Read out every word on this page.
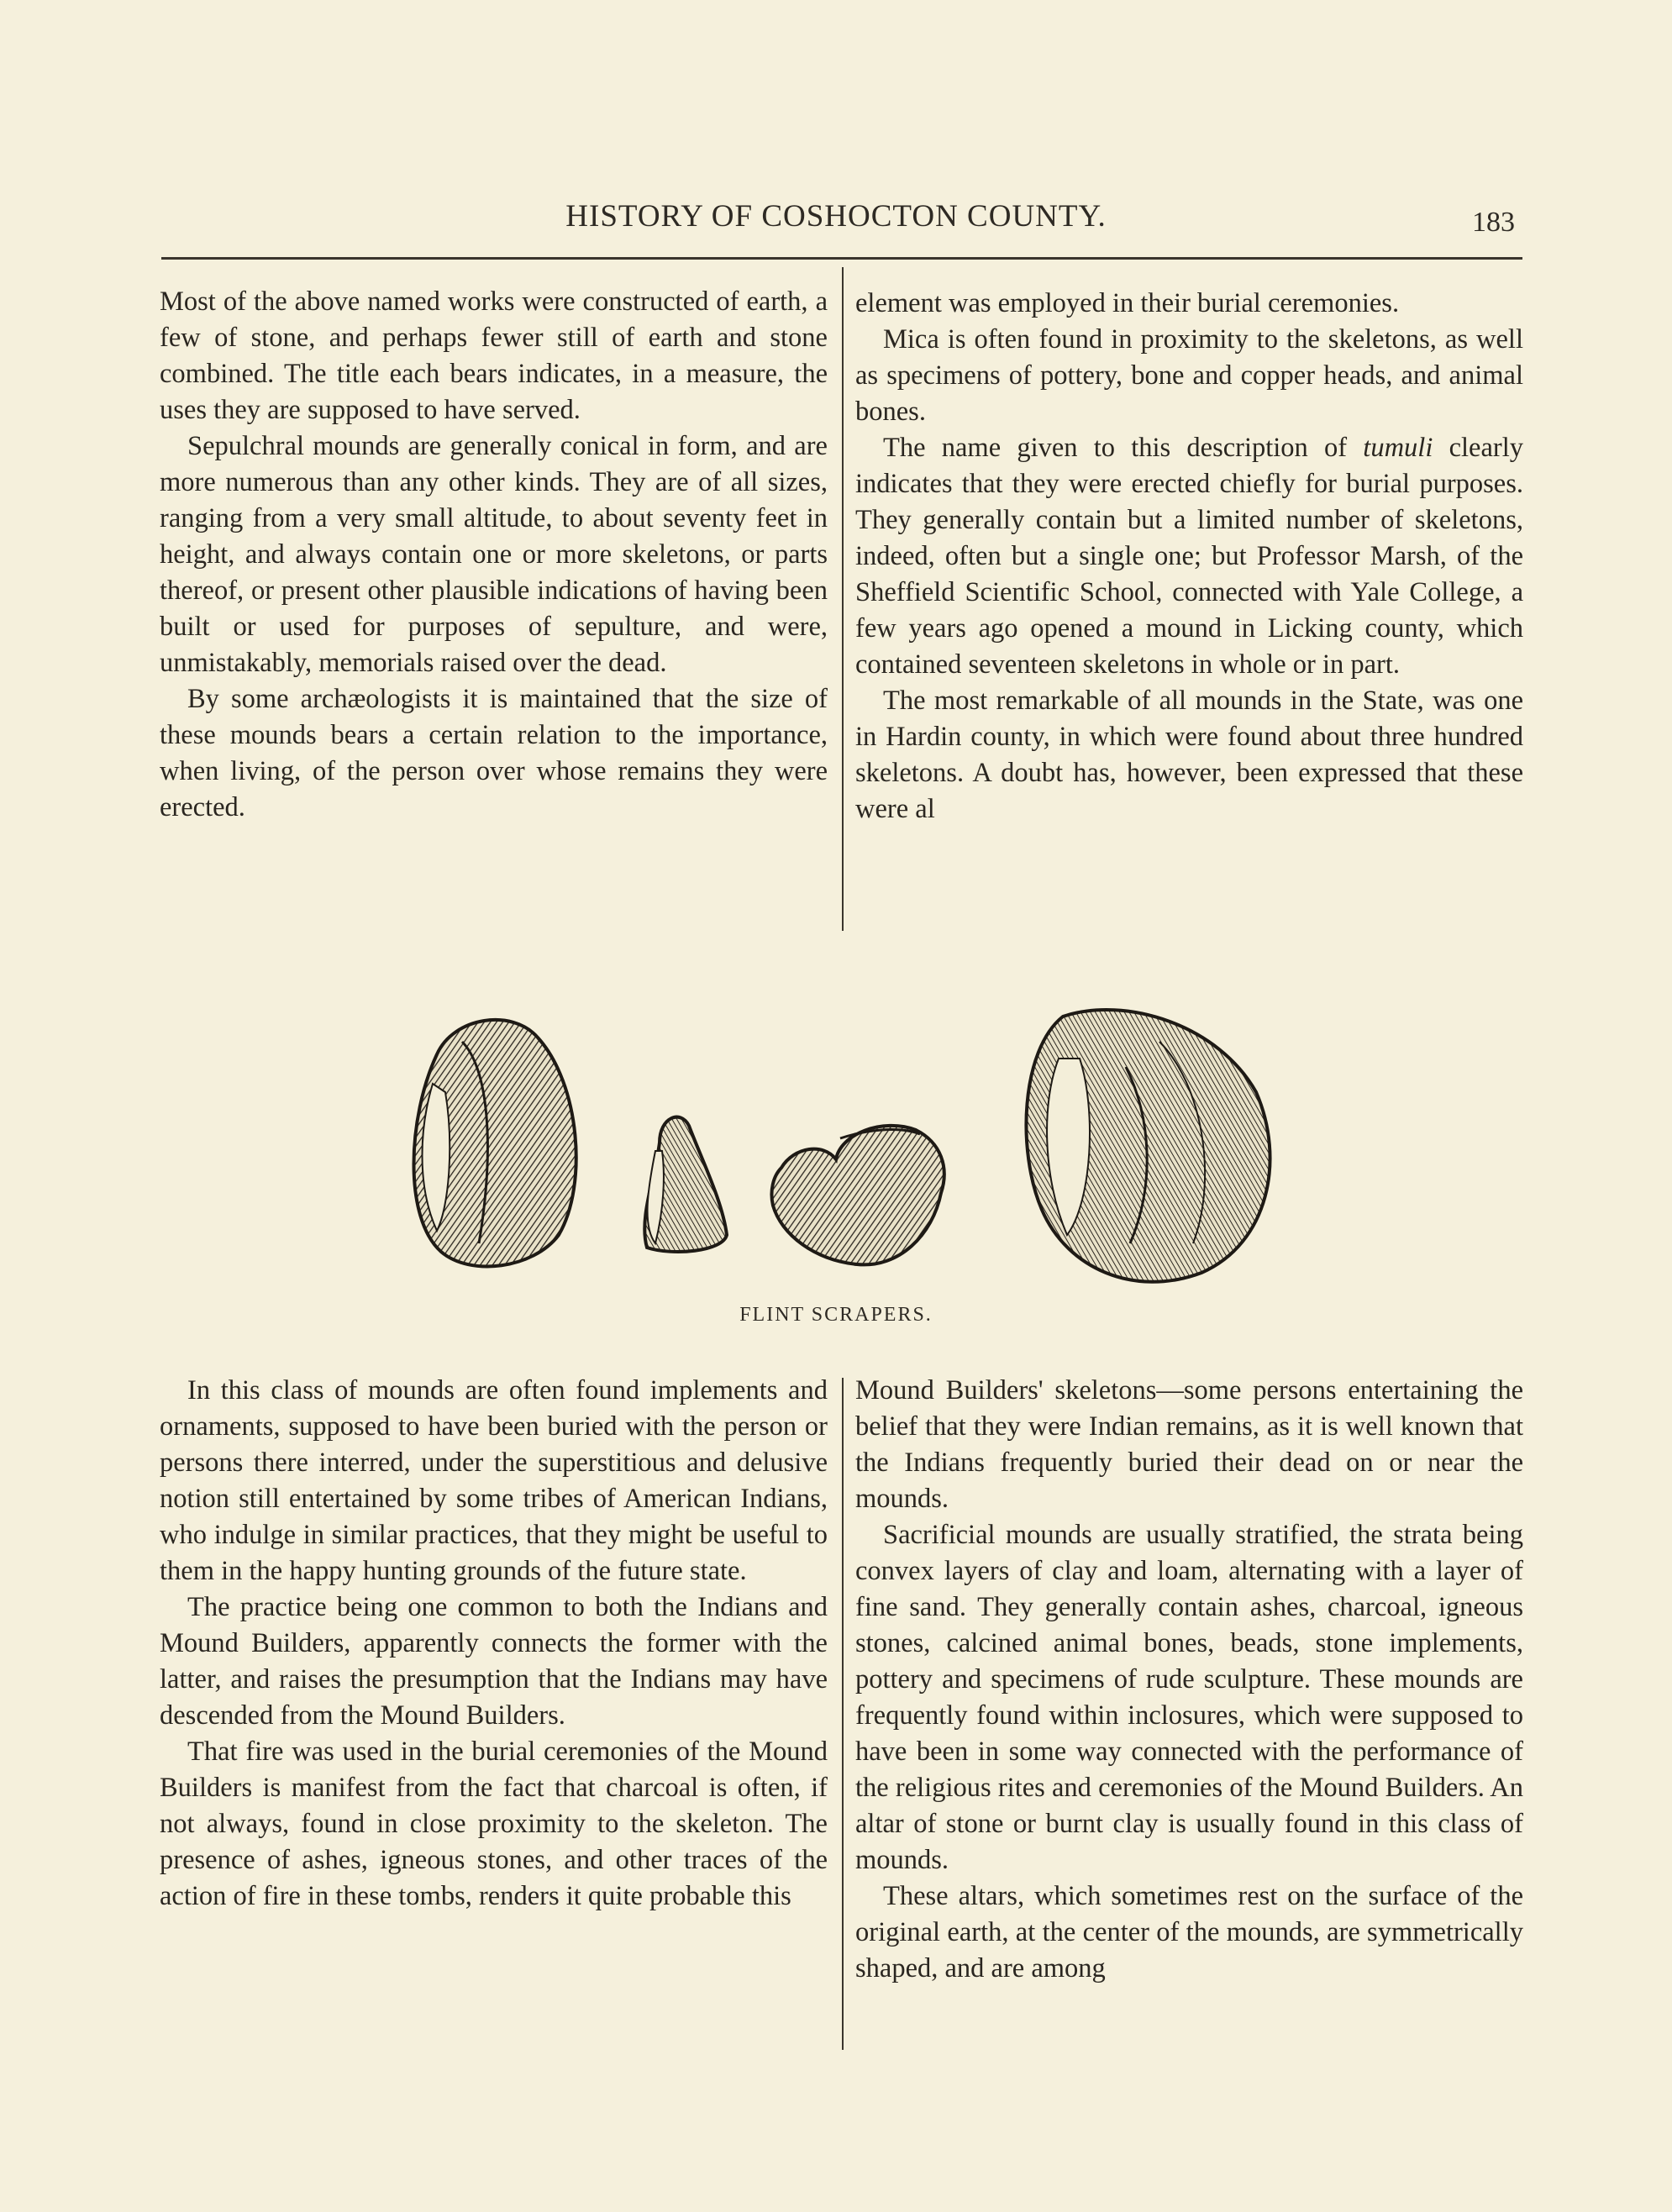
HISTORY OF COSHOCTON COUNTY.	183

Most of the above named works were constructed of earth, a few of stone, and perhaps fewer still of earth and stone combined. The title each bears indicates, in a measure, the uses they are supposed to have served.

Sepulchral mounds are generally conical in form, and are more numerous than any other kinds. They are of all sizes, ranging from a very small altitude, to about seventy feet in height, and always contain one or more skeletons, or parts thereof, or present other plausible indications of having been built or used for purposes of sepulture, and were, unmistakably, memorials raised over the dead.

By some archæologists it is maintained that the size of these mounds bears a certain relation to the importance, when living, of the person over whose remains they were erected.

element was employed in their burial ceremonies.

Mica is often found in proximity to the skeletons, as well as specimens of pottery, bone and copper heads, and animal bones.

The name given to this description of tumuli clearly indicates that they were erected chiefly for burial purposes. They generally contain but a limited number of skeletons, indeed, often but a single one; but Professor Marsh, of the Sheffield Scientific School, connected with Yale College, a few years ago opened a mound in Licking county, which contained seventeen skeletons in whole or in part.

The most remarkable of all mounds in the State, was one in Hardin county, in which were found about three hundred skeletons. A doubt has, however, been expressed that these were al

FLINT SCRAPERS.

In this class of mounds are often found implements and ornaments, supposed to have been buried with the person or persons there interred, under the superstitious and delusive notion still entertained by some tribes of American Indians, who indulge in similar practices, that they might be useful to them in the happy hunting grounds of the future state.

The practice being one common to both the Indians and Mound Builders, apparently connects the former with the latter, and raises the presumption that the Indians may have descended from the Mound Builders.

That fire was used in the burial ceremonies of the Mound Builders is manifest from the fact that charcoal is often, if not always, found in close proximity to the skeleton. The presence of ashes, igneous stones, and other traces of the action of fire in these tombs, renders it quite probable this

Mound Builders' skeletons—some persons entertaining the belief that they were Indian remains, as it is well known that the Indians frequently buried their dead on or near the mounds.

Sacrificial mounds are usually stratified, the strata being convex layers of clay and loam, alternating with a layer of fine sand. They generally contain ashes, charcoal, igneous stones, calcined animal bones, beads, stone implements, pottery and specimens of rude sculpture. These mounds are frequently found within inclosures, which were supposed to have been in some way connected with the performance of the religious rites and ceremonies of the Mound Builders. An altar of stone or burnt clay is usually found in this class of mounds.

These altars, which sometimes rest on the surface of the original earth, at the center of the mounds, are symmetrically shaped, and are among
